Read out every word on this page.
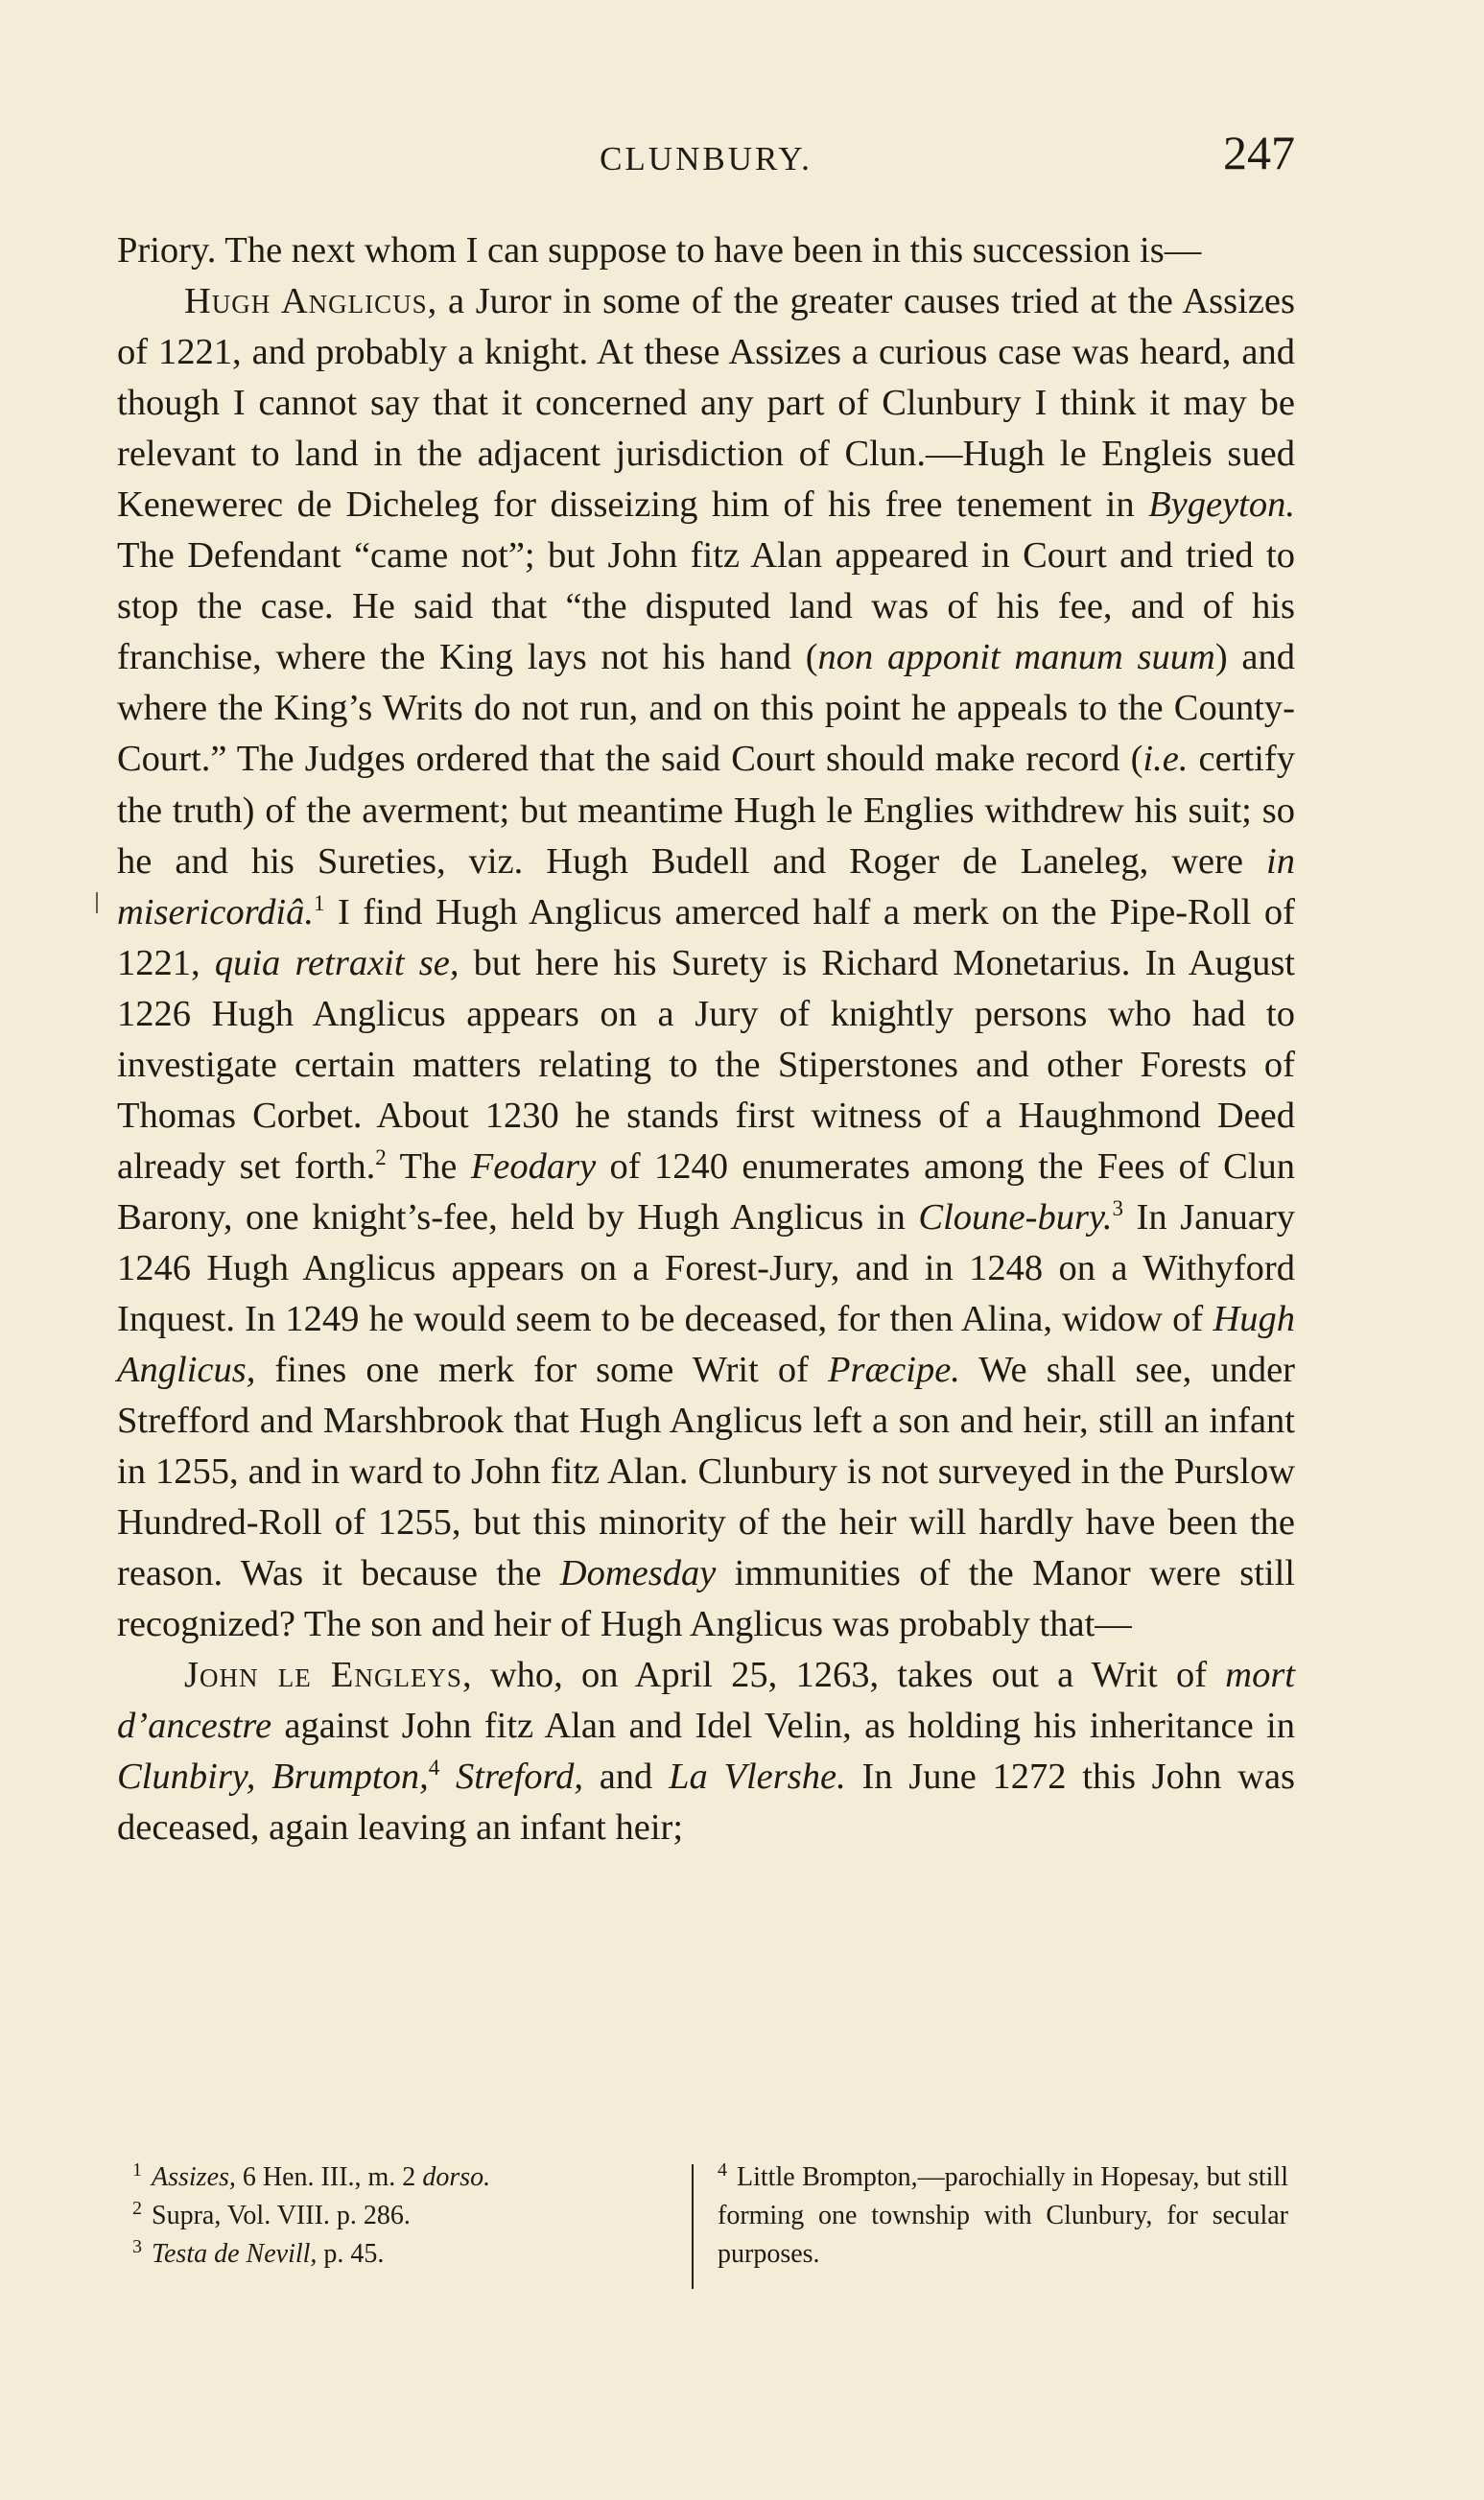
CLUNBURY.	247

Priory. The next whom I can suppose to have been in this succession is—

Hugh Anglicus, a Juror in some of the greater causes tried at the Assizes of 1221, and probably a knight. At these Assizes a curious case was heard, and though I cannot say that it concerned any part of Clunbury I think it may be relevant to land in the adjacent jurisdiction of Clun.—Hugh le Engleis sued Kenewerec de Dicheleg for disseizing him of his free tenement in Bygeyton. The Defendant “came not”; but John fitz Alan appeared in Court and tried to stop the case. He said that “the disputed land was of his fee, and of his franchise, where the King lays not his hand (non apponit manum suum) and where the King’s Writs do not run, and on this point he appeals to the County-Court.” The Judges ordered that the said Court should make record (i.e. certify the truth) of the averment; but meantime Hugh le Englies withdrew his suit; so he and his Sureties, viz. Hugh Budell and Roger de Laneleg, were in misericordiâ.$^1$ I find Hugh Anglicus amerced half a merk on the Pipe-Roll of 1221, quia retraxit se, but here his Surety is Richard Monetarius. In August 1226 Hugh Anglicus appears on a Jury of knightly persons who had to investigate certain matters relating to the Stiperstones and other Forests of Thomas Corbet. About 1230 he stands first witness of a Haughmond Deed already set forth.$^2$ The Feodary of 1240 enumerates among the Fees of Clun Barony, one knight’s-fee, held by Hugh Anglicus in Cloune-bury.$^3$ In January 1246 Hugh Anglicus appears on a Forest-Jury, and in 1248 on a Withyford Inquest. In 1249 he would seem to be deceased, for then Alina, widow of Hugh Anglicus, fines one merk for some Writ of Præcipe. We shall see, under Strefford and Marshbrook that Hugh Anglicus left a son and heir, still an infant in 1255, and in ward to John fitz Alan. Clunbury is not surveyed in the Purslow Hundred-Roll of 1255, but this minority of the heir will hardly have been the reason. Was it because the Domesday immunities of the Manor were still recognized? The son and heir of Hugh Anglicus was probably that—

John le Engleys, who, on April 25, 1263, takes out a Writ of mort d’ancestre against John fitz Alan and Idel Velin, as holding his inheritance in Clunbiry, Brumpton,$^4$ Streford, and La Vlershe. In June 1272 this John was deceased, again leaving an infant heir;

$^1$ Assizes, 6 Hen. III., m. 2 dorso.

$^2$ Supra, Vol. VIII. p. 286.

$^3$ Testa de Nevill, p. 45.

$^4$ Little Brompton,—parochially in Hopesay, but still forming one township with Clunbury, for secular purposes.
